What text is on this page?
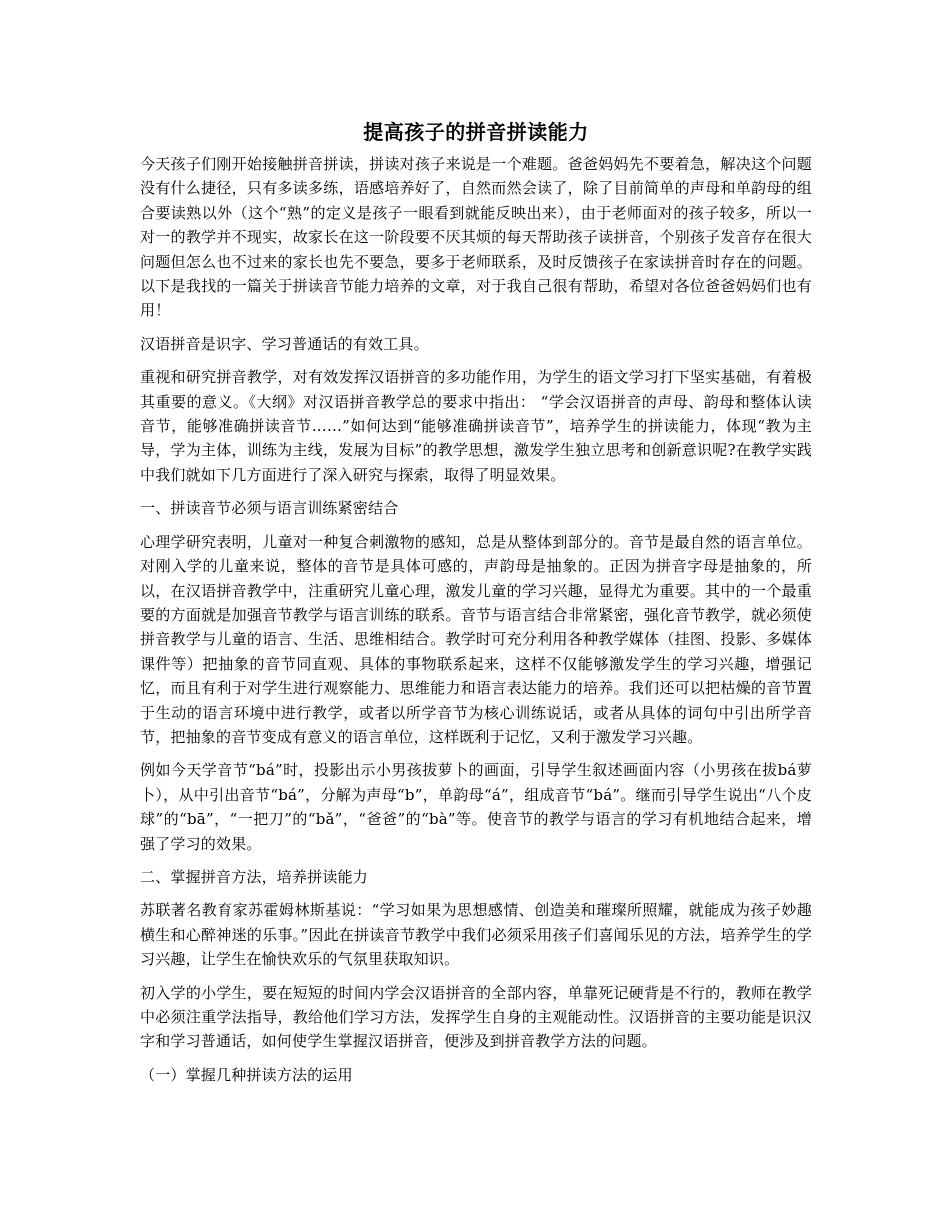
提高孩子的拼音拼读能力

今天孩子们刚开始接触拼音拼读，拼读对孩子来说是一个难题。爸爸妈妈先不要着急，解决这个问题没有什么捷径，只有多读多练，语感培养好了，自然而然会读了，除了目前简单的声母和单韵母的组合要读熟以外（这个“熟”的定义是孩子一眼看到就能反映出来），由于老师面对的孩子较多，所以一对一的教学并不现实，故家长在这一阶段要不厌其烦的每天帮助孩子读拼音，个别孩子发音存在很大问题但怎么也不过来的家长也先不要急，要多于老师联系，及时反馈孩子在家读拼音时存在的问题。以下是我找的一篇关于拼读音节能力培养的文章，对于我自己很有帮助，希望对各位爸爸妈妈们也有用！

汉语拼音是识字、学习普通话的有效工具。

重视和研究拼音教学，对有效发挥汉语拼音的多功能作用，为学生的语文学习打下坚实基础，有着极其重要的意义。《大纲》对汉语拼音教学总的要求中指出： “学会汉语拼音的声母、韵母和整体认读音节，能够准确拼读音节……”如何达到“能够准确拼读音节”，培养学生的拼读能力，体现“教为主导，学为主体，训练为主线，发展为目标”的教学思想，激发学生独立思考和创新意识呢?在教学实践中我们就如下几方面进行了深入研究与探索，取得了明显效果。

一、拼读音节必须与语言训练紧密结合

心理学研究表明，儿童对一种复合刺激物的感知，总是从整体到部分的。音节是最自然的语言单位。对刚入学的儿童来说，整体的音节是具体可感的，声韵母是抽象的。正因为拼音字母是抽象的，所以，在汉语拼音教学中，注重研究儿童心理，激发儿童的学习兴趣，显得尤为重要。其中的一个最重要的方面就是加强音节教学与语言训练的联系。音节与语言结合非常紧密，强化音节教学，就必须使拼音教学与儿童的语言、生活、思维相结合。教学时可充分利用各种教学媒体（挂图、投影、多媒体课件等）把抽象的音节同直观、具体的事物联系起来，这样不仅能够激发学生的学习兴趣，增强记忆，而且有利于对学生进行观察能力、思维能力和语言表达能力的培养。我们还可以把枯燥的音节置于生动的语言环境中进行教学，或者以所学音节为核心训练说话，或者从具体的词句中引出所学音节，把抽象的音节变成有意义的语言单位，这样既利于记忆，又利于激发学习兴趣。

例如今天学音节“bá”时，投影出示小男孩拔萝卜的画面，引导学生叙述画面内容（小男孩在拔bá萝卜），从中引出音节“bá”，分解为声母“b”，单韵母“á”，组成音节“bá”。继而引导学生说出“八个皮球”的“bā”，“一把刀”的“bǎ”，“爸爸”的“bà”等。使音节的教学与语言的学习有机地结合起来，增强了学习的效果。

二、掌握拼音方法，培养拼读能力

苏联著名教育家苏霍姆林斯基说：“学习如果为思想感情、创造美和璀璨所照耀，就能成为孩子妙趣横生和心醉神迷的乐事。”因此在拼读音节教学中我们必须采用孩子们喜闻乐见的方法，培养学生的学习兴趣，让学生在愉快欢乐的气氛里获取知识。

初入学的小学生，要在短短的时间内学会汉语拼音的全部内容，单靠死记硬背是不行的，教师在教学中必须注重学法指导，教给他们学习方法，发挥学生自身的主观能动性。汉语拼音的主要功能是识汉字和学习普通话，如何使学生掌握汉语拼音，便涉及到拼音教学方法的问题。

（一）掌握几种拼读方法的运用
